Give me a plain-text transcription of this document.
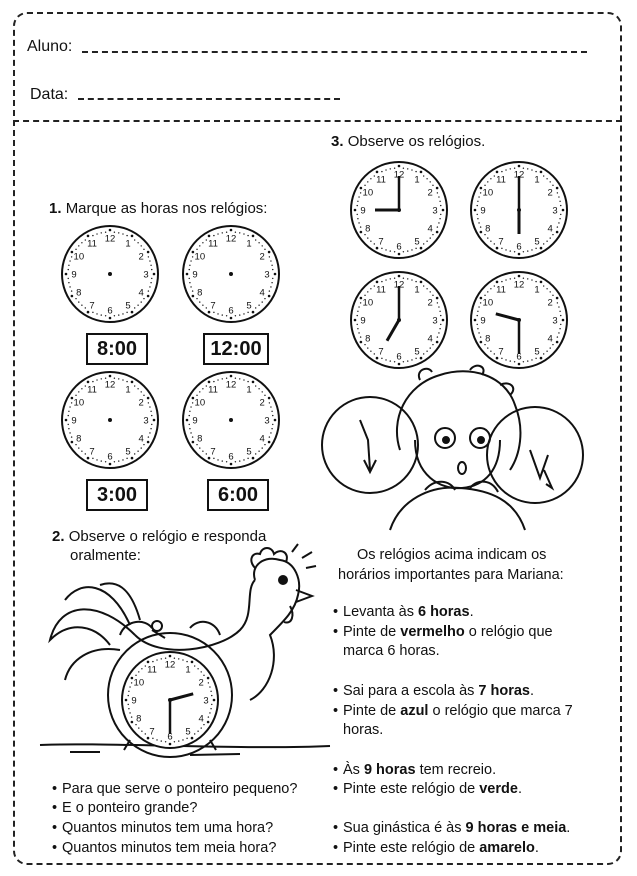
Aluno:
Data:
1. Marque as horas nos relógios:
12 1
2
3
4
5
6
7
8
9
10
11	12 1
2
3
4
5
6
7
8
9
10
11
8:00	12:00
12 1
2
3
4
5
6
7
8
9
10
11	12 1
2
3
4
5
6
7
8
9
10
11
3:00	6:00
2. Observe o relógio e responda
oralmente:
12 1
2
3
4
5
6
7
8
9
10
11
• Para que serve o ponteiro pequeno?
• E o ponteiro grande?
• Quantos minutos tem uma hora?
• Quantos minutos tem meia hora?
3. Observe os relógios.
12 1
2
3
4
5
6
7
8
9
10
11	12 1
2
3
4
5
6
7
8
9
10
11
12 1
2
3
4
5
6
7
8
9
10
11	12 1
2
3
4
5
6
7
8
9
10
11
Os relógios acima indicam os
horários importantes para Mariana:
• Levanta às 6 horas.
• Pinte de vermelho o relógio que
marca 6 horas.
• Sai para a escola às 7 horas.
• Pinte de azul o relógio que marca 7
horas.
• Às 9 horas tem recreio.
• Pinte este relógio de verde.
• Sua ginástica é às 9 horas e meia.
• Pinte este relógio de amarelo.
